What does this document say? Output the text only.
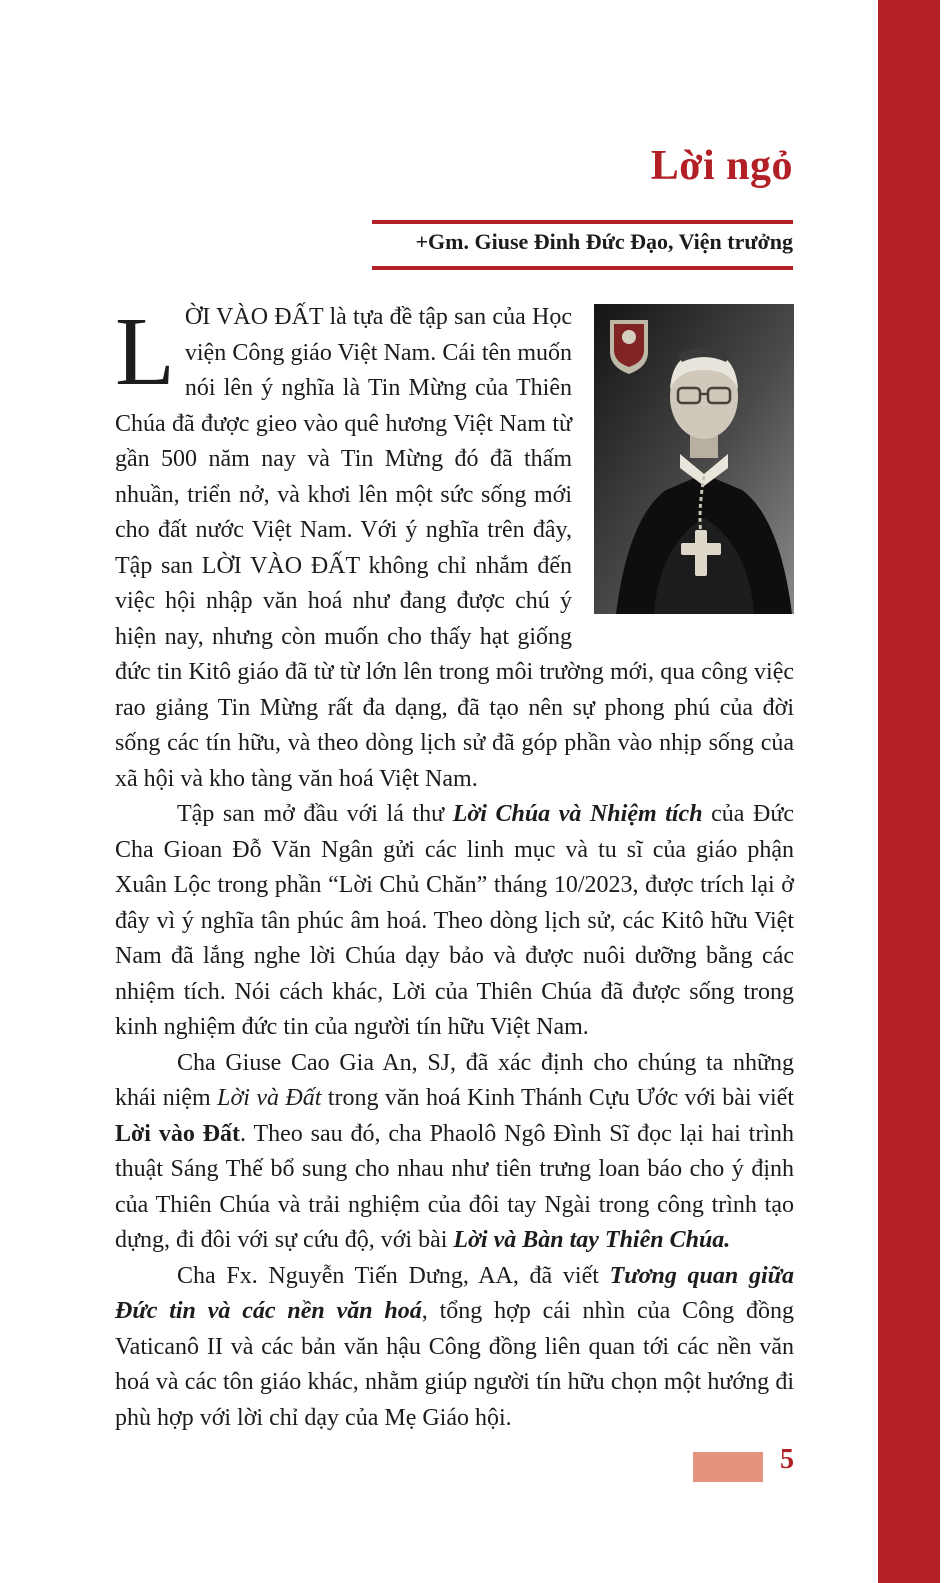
Lời ngỏ
+Gm. Giuse Đinh Đức Đạo, Viện trưởng

LỜI VÀO ĐẤT là tựa đề tập san của Học viện Công giáo Việt Nam. Cái tên muốn nói lên ý nghĩa là Tin Mừng của Thiên Chúa đã được gieo vào quê hương Việt Nam từ gần 500 năm nay và Tin Mừng đó đã thấm nhuần, triển nở, và khơi lên một sức sống mới cho đất nước Việt Nam. Với ý nghĩa trên đây, Tập san LỜI VÀO ĐẤT không chỉ nhắm đến việc hội nhập văn hoá như đang được chú ý hiện nay, nhưng còn muốn cho thấy hạt giống đức tin Kitô giáo đã từ từ lớn lên trong môi trường mới, qua công việc rao giảng Tin Mừng rất đa dạng, đã tạo nên sự phong phú của đời sống các tín hữu, và theo dòng lịch sử đã góp phần vào nhịp sống của xã hội và kho tàng văn hoá Việt Nam.

Tập san mở đầu với lá thư Lời Chúa và Nhiệm tích của Đức Cha Gioan Đỗ Văn Ngân gửi các linh mục và tu sĩ của giáo phận Xuân Lộc trong phần “Lời Chủ Chăn” tháng 10/2023, được trích lại ở đây vì ý nghĩa tân phúc âm hoá. Theo dòng lịch sử, các Kitô hữu Việt Nam đã lắng nghe lời Chúa dạy bảo và được nuôi dưỡng bằng các nhiệm tích. Nói cách khác, Lời của Thiên Chúa đã được sống trong kinh nghiệm đức tin của người tín hữu Việt Nam.

Cha Giuse Cao Gia An, SJ, đã xác định cho chúng ta những khái niệm Lời và Đất trong văn hoá Kinh Thánh Cựu Ước với bài viết Lời vào Đất. Theo sau đó, cha Phaolô Ngô Đình Sĩ đọc lại hai trình thuật Sáng Thế bổ sung cho nhau như tiên trưng loan báo cho ý định của Thiên Chúa và trải nghiệm của đôi tay Ngài trong công trình tạo dựng, đi đôi với sự cứu độ, với bài Lời và Bàn tay Thiên Chúa.

Cha Fx. Nguyễn Tiến Dưng, AA, đã viết Tương quan giữa Đức tin và các nền văn hoá, tổng hợp cái nhìn của Công đồng Vaticanô II và các bản văn hậu Công đồng liên quan tới các nền văn hoá và các tôn giáo khác, nhằm giúp người tín hữu chọn một hướng đi phù hợp với lời chỉ dạy của Mẹ Giáo hội.

5
